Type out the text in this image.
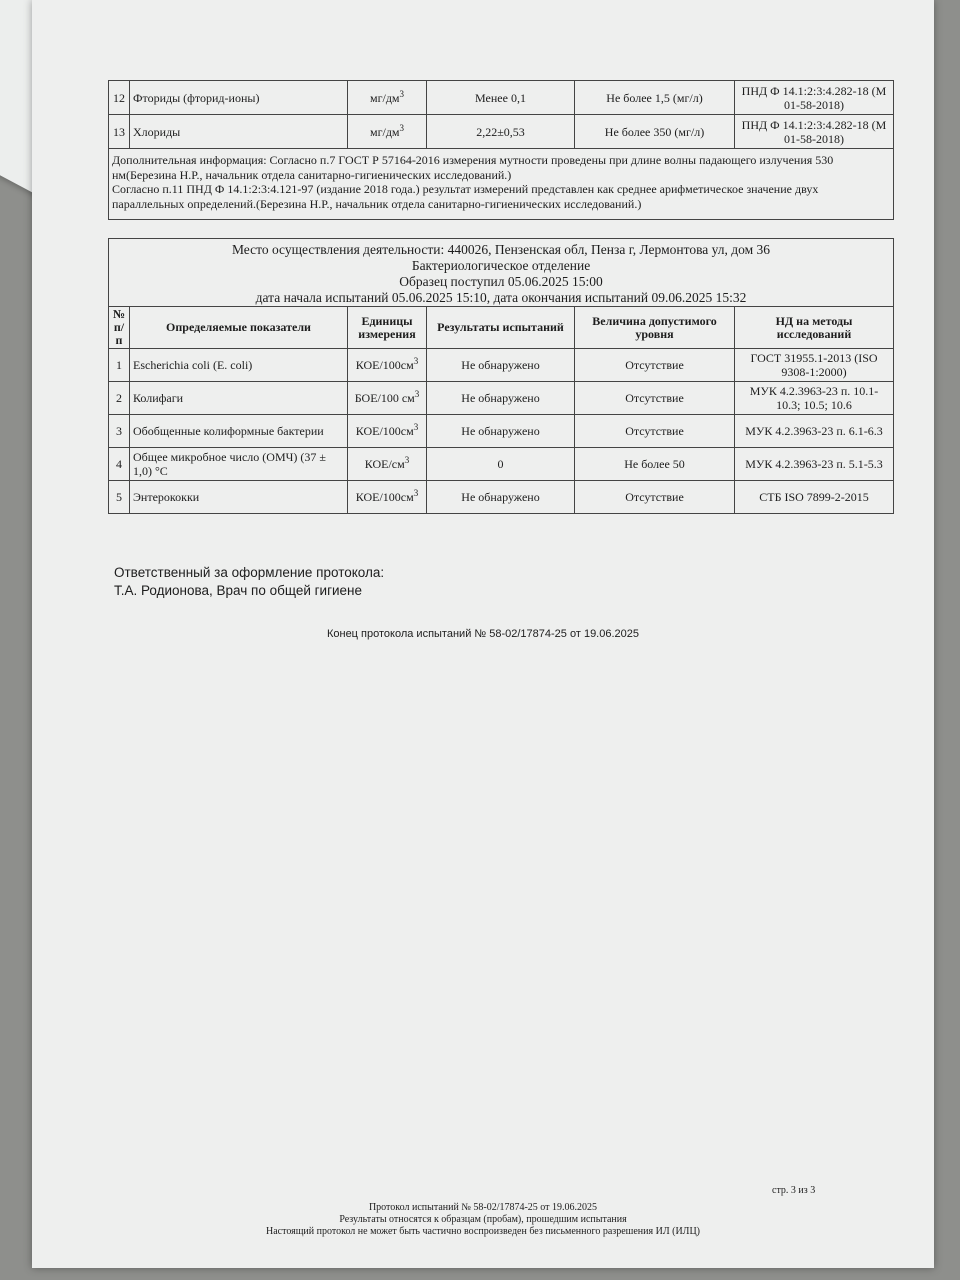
12	Фториды (фторид-ионы)	$мг/дм^3$	Менее 0,1	Не более 1,5 (мг/л)	ПНД Ф 14.1:2:3:4.282-18 (М 01-58-2018)
13	Хлориды	$мг/дм^3$	2,22±0,53	Не более 350 (мг/л)	ПНД Ф 14.1:2:3:4.282-18 (М 01-58-2018)

Дополнительная информация: Согласно п.7 ГОСТ Р 57164-2016 измерения мутности проведены при длине волны падающего излучения 530 нм(Березина Н.Р., начальник отдела санитарно-гигиенических исследований.)
Согласно п.11 ПНД Ф 14.1:2:3:4.121-97 (издание 2018 года.) результат измерений представлен как среднее арифметическое значение двух параллельных определений.(Березина Н.Р., начальник отдела санитарно-гигиенических исследований.)					
Место осуществления деятельности: 440026, Пензенская обл, Пенза г, Лермонтова ул, дом 36
Бактериологическое отделение
Образец поступил 05.06.2025 15:00
дата начала испытаний 05.06.2025 15:10, дата окончания испытаний 09.06.2025 15:32					

№ п/п	Определяемые показатели	Единицы измерения	Результаты испытаний	Величина допустимого уровня	НД на методы исследований
1	Escherichia coli (E. coli)	КОЕ/$100см^3$	Не обнаружено	Отсутствие	ГОСТ 31955.1-2013 (ISO 9308-1:2000)
2	Колифаги	БОЕ/100 $см^3$	Не обнаружено	Отсутствие	МУК 4.2.3963-23 п. 10.1-10.3; 10.5; 10.6
3	Обобщенные колиформные бактерии	КОЕ/$100см^3$	Не обнаружено	Отсутствие	МУК 4.2.3963-23 п. 6.1-6.3
4	Общее микробное число (ОМЧ) (37 ± 1,0) °С	КОЕ/$см^3$	0	Не более 50	МУК 4.2.3963-23 п. 5.1-5.3
5	Энтерококки	КОЕ/$100см^3$	Не обнаружено	Отсутствие	СТБ ISO 7899-2-2015
Ответственный за оформление протокола:
Т.А. Родионова, Врач по общей гигиене
Конец протокола испытаний № 58-02/17874-25 от 19.06.2025
стр. 3 из 3
Протокол испытаний № 58-02/17874-25 от 19.06.2025
Результаты относятся к образцам (пробам), прошедшим испытания
Настоящий протокол не может быть частично воспроизведен без письменного разрешения ИЛ (ИЛЦ)
